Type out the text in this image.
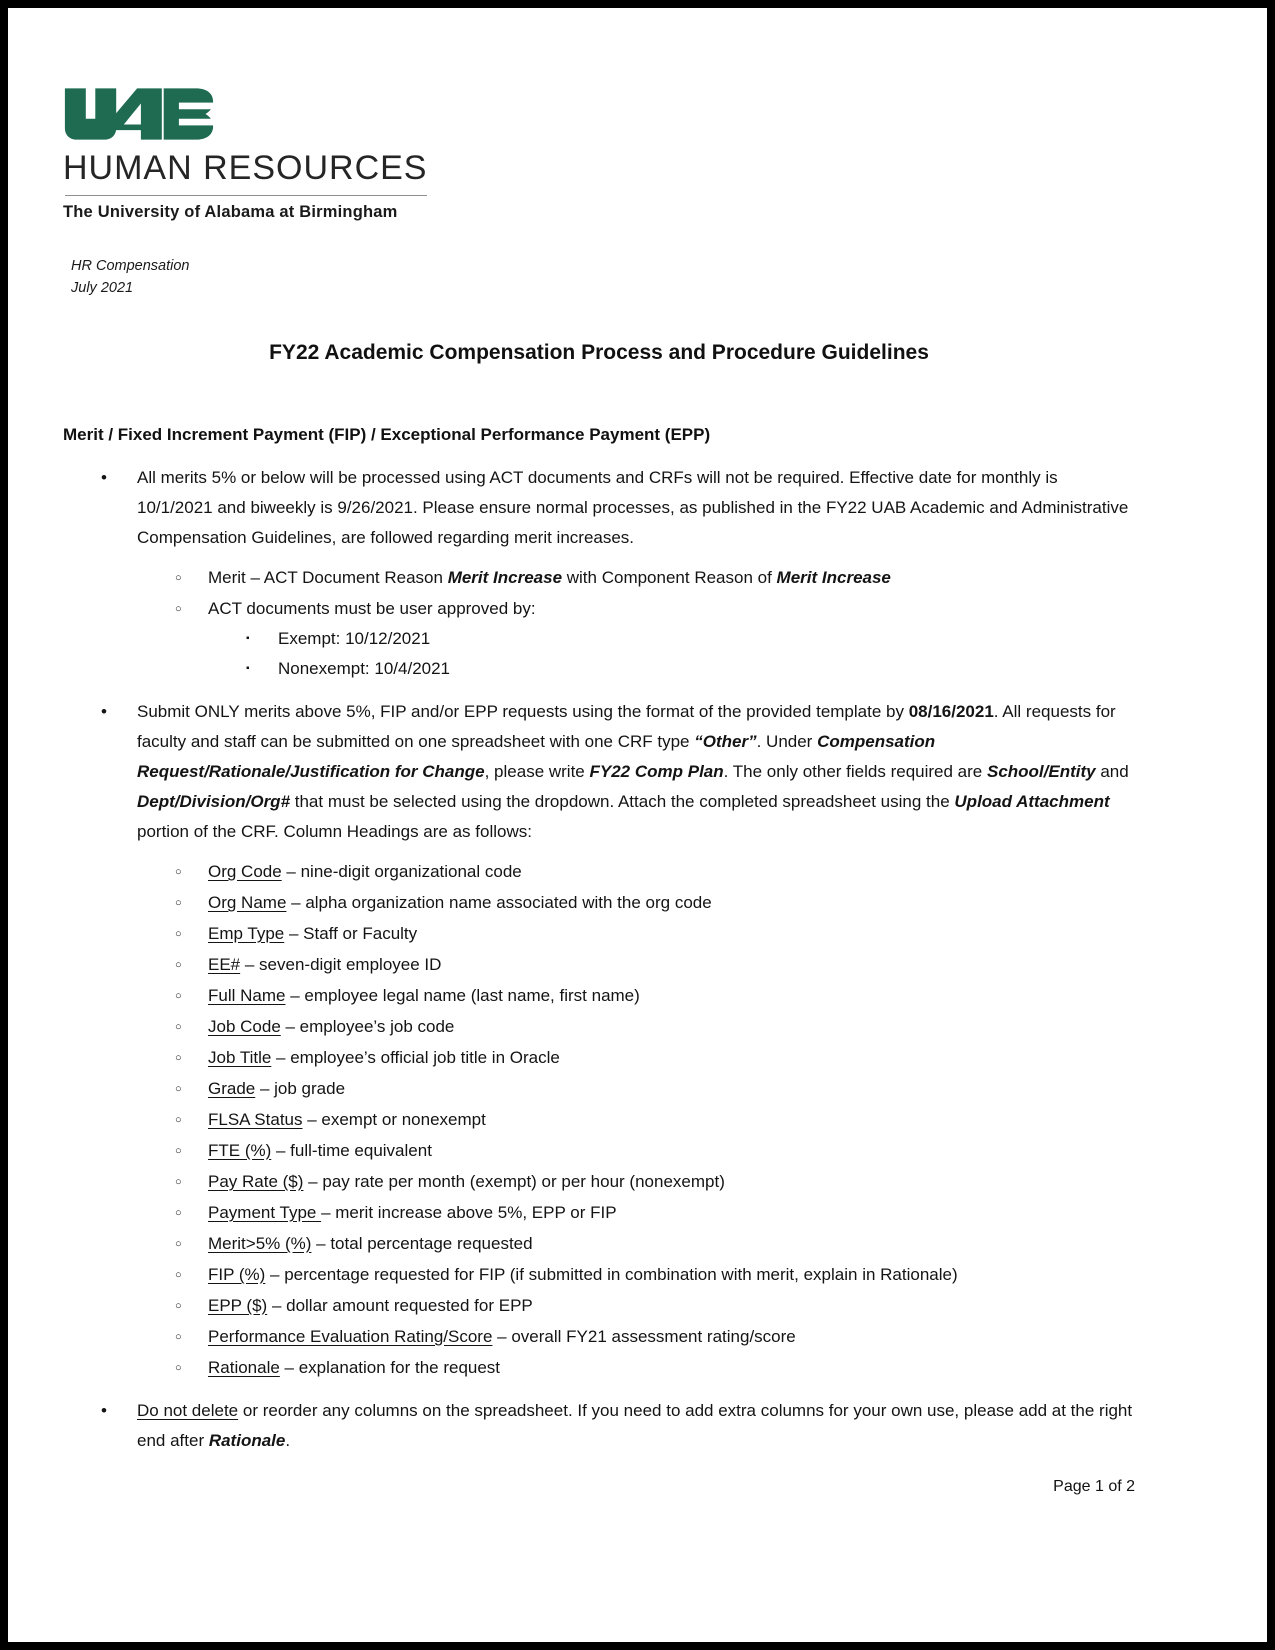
HUMAN RESOURCES
The University of Alabama at Birmingham
HR Compensation
July 2021
FY22 Academic Compensation Process and Procedure Guidelines
Merit / Fixed Increment Payment (FIP) / Exceptional Performance Payment (EPP)
• All merits 5% or below will be processed using ACT documents and CRFs will not be required. Effective date for monthly is 10/1/2021 and biweekly is 9/26/2021. Please ensure normal processes, as published in the FY22 UAB Academic and Administrative Compensation Guidelines, are followed regarding merit increases.
○ Merit – ACT Document Reason Merit Increase with Component Reason of Merit Increase
○ ACT documents must be user approved by:
▪ Exempt: 10/12/2021
▪ Nonexempt: 10/4/2021
• Submit ONLY merits above 5%, FIP and/or EPP requests using the format of the provided template by 08/16/2021. All requests for faculty and staff can be submitted on one spreadsheet with one CRF type “Other”. Under Compensation Request/Rationale/Justification for Change, please write FY22 Comp Plan. The only other fields required are School/Entity and Dept/Division/Org# that must be selected using the dropdown. Attach the completed spreadsheet using the Upload Attachment portion of the CRF. Column Headings are as follows:
○ Org Code – nine-digit organizational code
○ Org Name – alpha organization name associated with the org code
○ Emp Type – Staff or Faculty
○ EE# – seven-digit employee ID
○ Full Name – employee legal name (last name, first name)
○ Job Code – employee’s job code
○ Job Title – employee’s official job title in Oracle
○ Grade – job grade
○ FLSA Status – exempt or nonexempt
○ FTE (%) – full-time equivalent
○ Pay Rate ($) – pay rate per month (exempt) or per hour (nonexempt)
○ Payment Type – merit increase above 5%, EPP or FIP
○ Merit>5% (%) – total percentage requested
○ FIP (%) – percentage requested for FIP (if submitted in combination with merit, explain in Rationale)
○ EPP ($) – dollar amount requested for EPP
○ Performance Evaluation Rating/Score – overall FY21 assessment rating/score
○ Rationale – explanation for the request
• Do not delete or reorder any columns on the spreadsheet. If you need to add extra columns for your own use, please add at the right end after Rationale.
Page 1 of 2
